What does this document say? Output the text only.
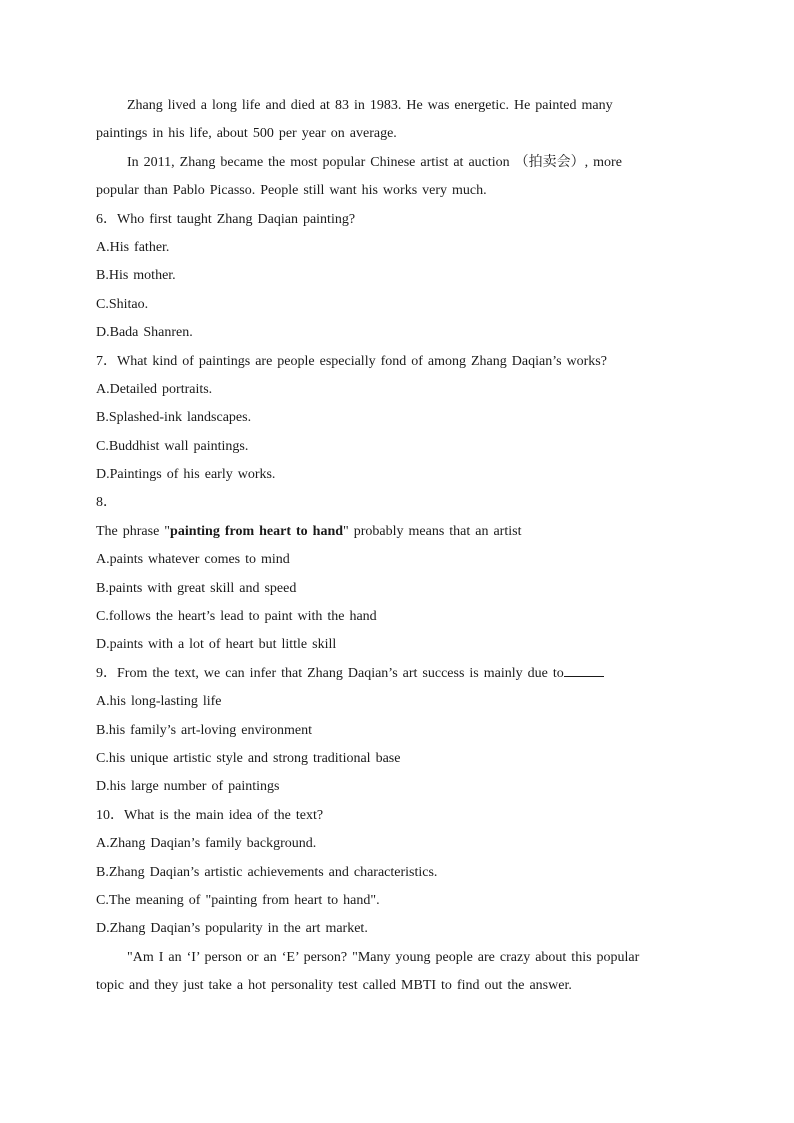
Zhang lived a long life and died at 83 in 1983. He was energetic. He painted many
paintings in his life, about 500 per year on average.
In 2011, Zhang became the most popular Chinese artist at auction （拍卖会）, more
popular than Pablo Picasso. People still want his works very much.
6．Who first taught Zhang Daqian painting?
A.His father.
B.His mother.
C.Shitao.
D.Bada Shanren.
7．What kind of paintings are people especially fond of among Zhang Daqian’s works?
A.Detailed portraits.
B.Splashed-ink landscapes.
C.Buddhist wall paintings.
D.Paintings of his early works.
8．
The phrase "painting from heart to hand" probably means that an artist
A.paints whatever comes to mind
B.paints with great skill and speed
C.follows the heart’s lead to paint with the hand
D.paints with a lot of heart but little skill
9．From the text, we can infer that Zhang Daqian’s art success is mainly due to
A.his long-lasting life
B.his family’s art-loving environment
C.his unique artistic style and strong traditional base
D.his large number of paintings
10．What is the main idea of the text?
A.Zhang Daqian’s family background.
B.Zhang Daqian’s artistic achievements and characteristics.
C.The meaning of "painting from heart to hand".
D.Zhang Daqian’s popularity in the art market.
"Am I an ‘I’ person or an ‘E’ person? "Many young people are crazy about this popular
topic and they just take a hot personality test called MBTI to find out the answer.
